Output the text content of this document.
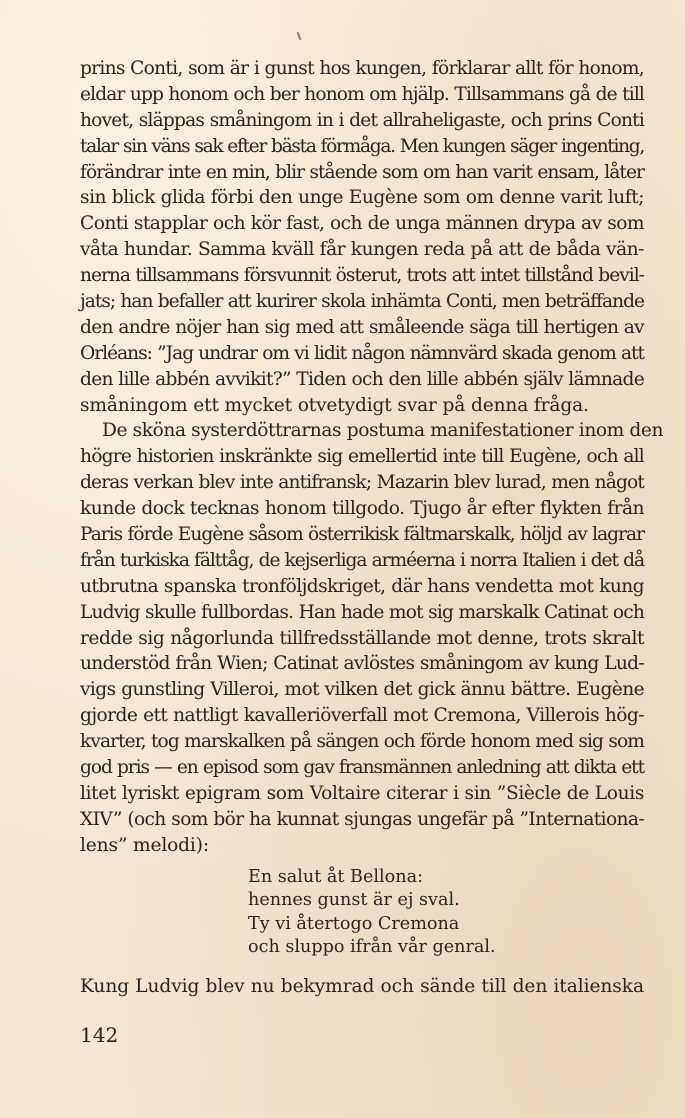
prins Conti, som är i gunst hos kungen, förklarar allt för honom,
eldar upp honom och ber honom om hjälp. Tillsammans gå de till
hovet, släppas småningom in i det allraheligaste, och prins Conti
talar sin väns sak efter bästa förmåga. Men kungen säger ingenting,
förändrar inte en min, blir stående som om han varit ensam, låter
sin blick glida förbi den unge Eugène som om denne varit luft;
Conti stapplar och kör fast, och de unga männen drypa av som
våta hundar. Samma kväll får kungen reda på att de båda vän-
nerna tillsammans försvunnit österut, trots att intet tillstånd bevil-
jats; han befaller att kurirer skola inhämta Conti, men beträffande
den andre nöjer han sig med att småleende säga till hertigen av
Orléans: ”Jag undrar om vi lidit någon nämnvärd skada genom att
den lille abbén avvikit?” Tiden och den lille abbén själv lämnade
småningom ett mycket otvetydigt svar på denna fråga.
De sköna systerdöttrarnas postuma manifestationer inom den
högre historien inskränkte sig emellertid inte till Eugène, och all
deras verkan blev inte antifransk; Mazarin blev lurad, men något
kunde dock tecknas honom tillgodo. Tjugo år efter flykten från
Paris förde Eugène såsom österrikisk fältmarskalk, höljd av lagrar
från turkiska fälttåg, de kejserliga arméerna i norra Italien i det då
utbrutna spanska tronföljdskriget, där hans vendetta mot kung
Ludvig skulle fullbordas. Han hade mot sig marskalk Catinat och
redde sig någorlunda tillfredsställande mot denne, trots skralt
understöd från Wien; Catinat avlöstes småningom av kung Lud-
vigs gunstling Villeroi, mot vilken det gick ännu bättre. Eugène
gjorde ett nattligt kavalleriöverfall mot Cremona, Villerois hög-
kvarter, tog marskalken på sängen och förde honom med sig som
god pris — en episod som gav fransmännen anledning att dikta ett
litet lyriskt epigram som Voltaire citerar i sin ”Siècle de Louis
XIV” (och som bör ha kunnat sjungas ungefär på ”Internationa-
lens” melodi):
En salut åt Bellona:
hennes gunst är ej sval.
Ty vi återtogo Cremona
och sluppo ifrån vår genral.
Kung Ludvig blev nu bekymrad och sände till den italienska
142
